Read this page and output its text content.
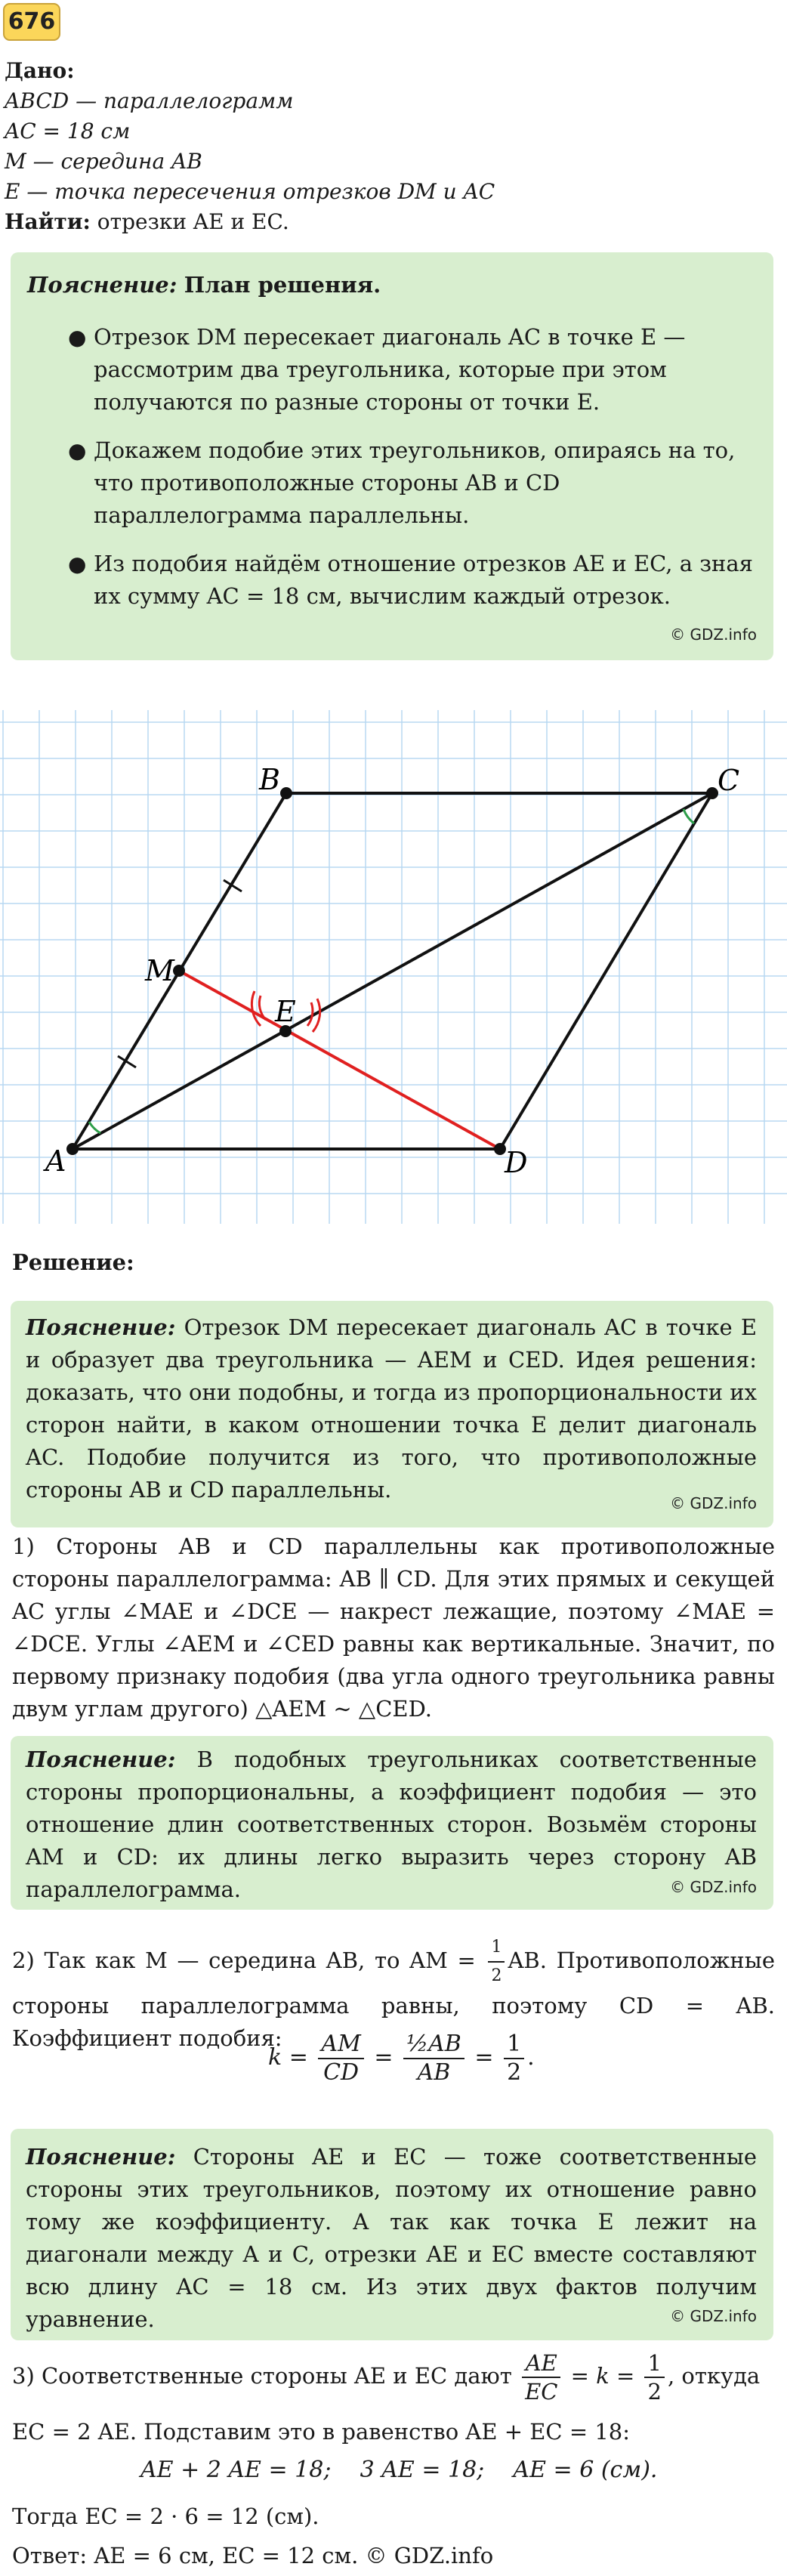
676
Дано:
ABCD — параллелограмм
AC = 18 см
M — середина AB
E — точка пересечения отрезков DM и AC
Найти: отрезки AE и EC.

Пояснение: План решения.

● Отрезок DM пересекает диагональ AC в точке E — рассмотрим два треугольника, которые при этом получаются по разные стороны от точки E.
● Докажем подобие этих треугольников, опираясь на то, что противоположные стороны AB и CD параллелограмма параллельны.
● Из подобия найдём отношение отрезков AE и EC, а зная их сумму AC = 18 см, вычислим каждый отрезок.
© GDZ.info
A
B	C
D
M
E
Решение:

Пояснение: Отрезок DM пересекает диагональ AC в точке E и образует два треугольника — AEM и CED. Идея решения: доказать, что они подобны, и тогда из пропорциональности их сторон найти, в каком отношении точка E делит диагональ AC. Подобие получится из того, что противоположные стороны AB и CD параллельны.

© GDZ.info
1) Стороны AB и CD параллельны как противоположные стороны параллелограмма: AB ∥ CD. Для этих прямых и секущей AC углы ∠MAE и ∠DCE — накрест лежащие, поэтому ∠MAE = ∠DCE. Углы ∠AEM и ∠CED равны как вертикальные. Значит, по первому признаку подобия (два угла одного треугольника равны двум углам другого) △AEM ∼ △CED.

Пояснение: В подобных треугольниках соответственные стороны пропорциональны, а коэффициент подобия — это отношение длин соответственных сторон. Возьмём стороны AM и CD: их длины легко выразить через сторону AB параллелограмма.	© GDZ.info
2) Так как M — середина AB, то AM = $\frac{1}{2}$ AB. Противоположные стороны параллелограмма равны, поэтому CD = AB. Коэффициент подобия:
$k = \frac{AM}{CD} = \frac{\text{½AB}}{AB} = \frac{1}{2}$ .

Пояснение: Стороны AE и EC — тоже соответственные стороны этих треугольников, поэтому их отношение равно тому же коэффициенту. А так как точка E лежит на диагонали между A и C, отрезки AE и EC вместе составляют всю длину AC = 18 см. Из этих двух фактов получим уравнение.	© GDZ.info
3) Соответственные стороны AE и EC дают $\frac{AE}{EC} = k = \frac{1}{2}$ , откуда
EC = 2 AE. Подставим это в равенство AE + EC = 18:
AE + 2 AE = 18;    3 AE = 18;    AE = 6 (см).
Тогда EC = 2 · 6 = 12 (см).
Ответ: AE = 6 см, EC = 12 см. © GDZ.info
